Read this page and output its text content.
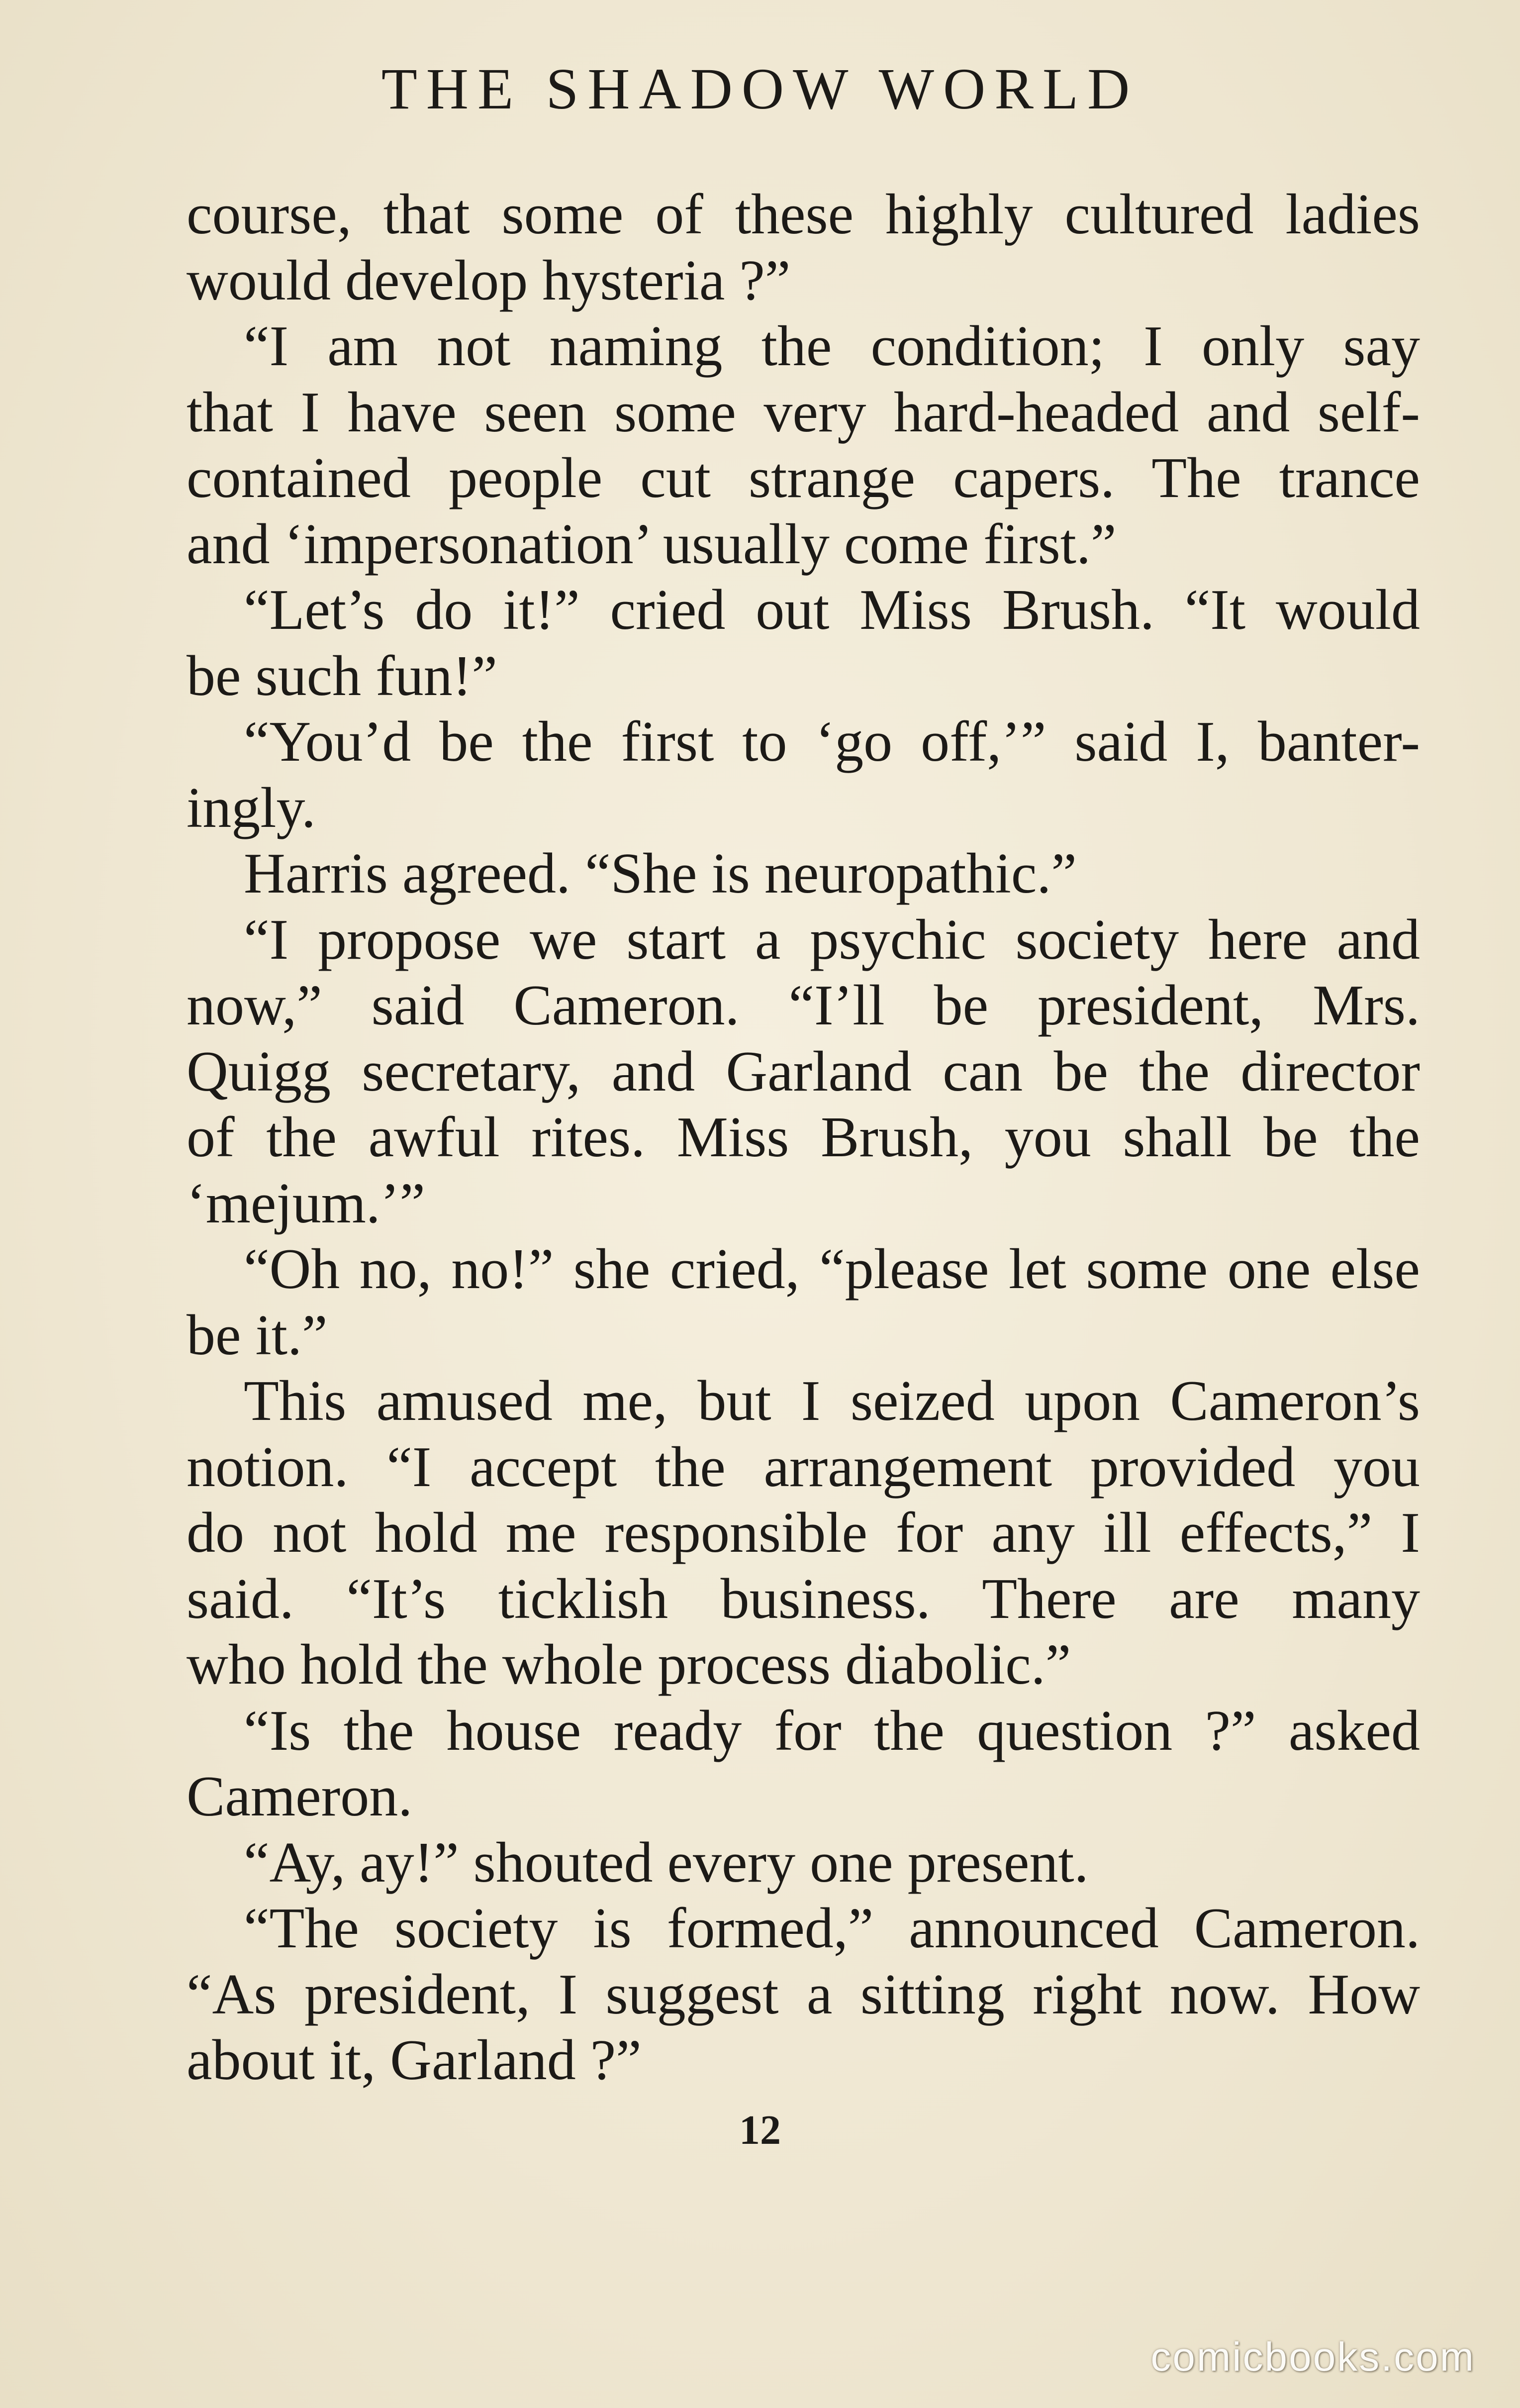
THE SHADOW WORLD
course, that some of these highly cultured ladies
would develop hysteria ?”
“I am not naming the condition; I only say
that I have seen some very hard-headed and self-
contained people cut strange capers. The trance
and ‘impersonation’ usually come first.”
“Let’s do it!” cried out Miss Brush. “It would
be such fun!”
“You’d be the first to ‘go off,’” said I, banter-
ingly.
Harris agreed. “She is neuropathic.”
“I propose we start a psychic society here and
now,” said Cameron. “I’ll be president, Mrs.
Quigg secretary, and Garland can be the director
of the awful rites. Miss Brush, you shall be the
‘mejum.’”
“Oh no, no!” she cried, “please let some one else
be it.”
This amused me, but I seized upon Cameron’s
notion. “I accept the arrangement provided you
do not hold me responsible for any ill effects,” I
said. “It’s ticklish business. There are many
who hold the whole process diabolic.”
“Is the house ready for the question ?” asked
Cameron.
“Ay, ay!” shouted every one present.
“The society is formed,” announced Cameron.
“As president, I suggest a sitting right now. How
about it, Garland ?”
12
comicbooks.com
